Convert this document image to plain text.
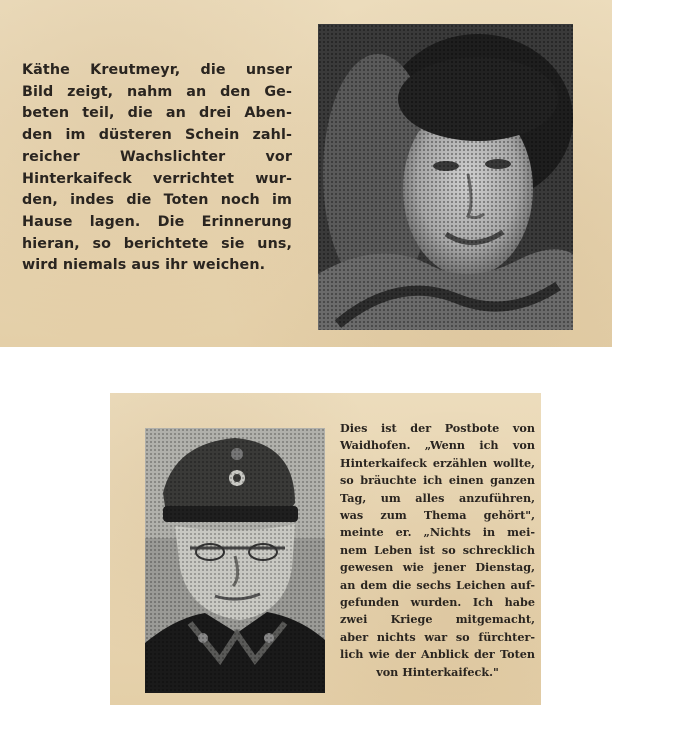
Käthe Kreutmeyr, die unser
Bild zeigt, nahm an den Ge-
beten teil, die an drei Aben-
den im düsteren Schein zahl-
reicher Wachslichter vor
Hinterkaifeck verrichtet wur-
den, indes die Toten noch im
Hause lagen. Die Erinnerung
hieran, so berichtete sie uns,
wird niemals aus ihr weichen.
Dies ist der Postbote von
Waidhofen. „Wenn ich von
Hinterkaifeck erzählen wollte,
so bräuchte ich einen ganzen
Tag, um alles anzuführen,
was zum Thema gehört",
meinte er. „Nichts in mei-
nem Leben ist so schrecklich
gewesen wie jener Dienstag,
an dem die sechs Leichen auf-
gefunden wurden. Ich habe
zwei Kriege mitgemacht,
aber nichts war so fürchter-
lich wie der Anblick der Toten
von Hinterkaifeck."
